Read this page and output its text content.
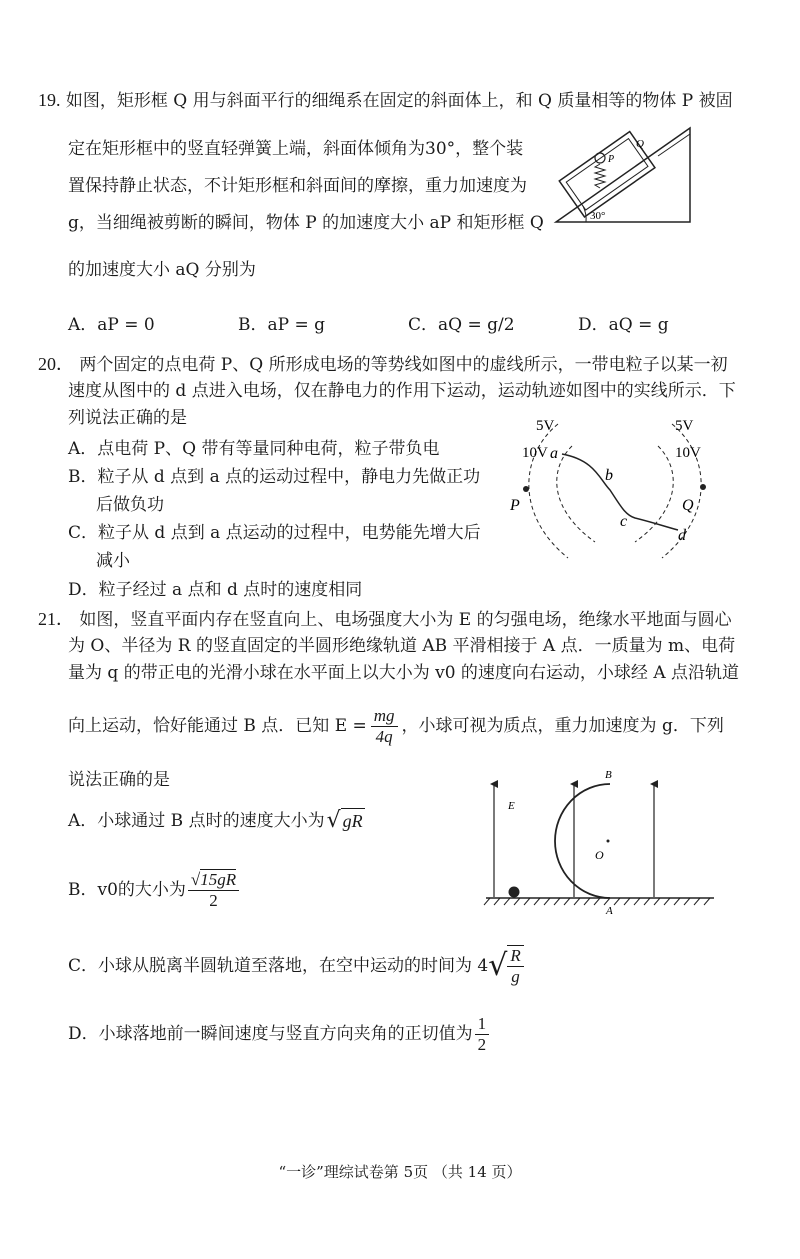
19. 如图，矩形框 Q 用与斜面平行的细绳系在固定的斜面体上，和 Q 质量相等的物体 P 被固
定在矩形框中的竖直轻弹簧上端，斜面体倾角为30°，整个装
置保持静止状态，不计矩形框和斜面间的摩擦，重力加速度为
g，当细绳被剪断的瞬间，物体 P 的加速度大小 aP 和矩形框 Q
的加速度大小 aQ 分别为
A．aP = 0	B．aP = g	C．aQ = g/2	D．aQ = g
Q
P
30°
20． 两个固定的点电荷 P、Q 所形成电场的等势线如图中的虚线所示，一带电粒子以某一初
速度从图中的 d 点进入电场，仅在静电力的作用下运动，运动轨迹如图中的实线所示．下
列说法正确的是
A．点电荷 P、Q 带有等量同种电荷，粒子带负电
B．粒子从 d 点到 a 点的运动过程中，静电力先做正功
后做负功
C．粒子从 d 点到 a 点运动的过程中，电势能先增大后
减小
D．粒子经过 a 点和 d 点时的速度相同
5V
10V
5V
10V
a
b
c
d
P	Q
21． 如图，竖直平面内存在竖直向上、电场强度大小为 E 的匀强电场，绝缘水平地面与圆心
为 O、半径为 R 的竖直固定的半圆形绝缘轨道 AB 平滑相接于 A 点．一质量为 m、电荷
量为 q 的带正电的光滑小球在水平面上以大小为 v0 的速度向右运动，小球经 A 点沿轨道
向上运动，恰好能通过 B 点．已知 $E = \frac{mg}{4q}$ ，小球可视为质点，重力加速度为 g．下列
说法正确的是
A．小球通过 B 点时的速度大小为 √ gR
B．v0的大小为 $\frac{√15gR}{2}$
C．小球从脱离半圆轨道至落地，在空中运动的时间为 4 √ $\frac{R}{g}$
D．小球落地前一瞬间速度与竖直方向夹角的正切值为 $\frac{1}{2}$
E
O
B
A
“一诊”理综试卷第 5页 （共 14 页）
